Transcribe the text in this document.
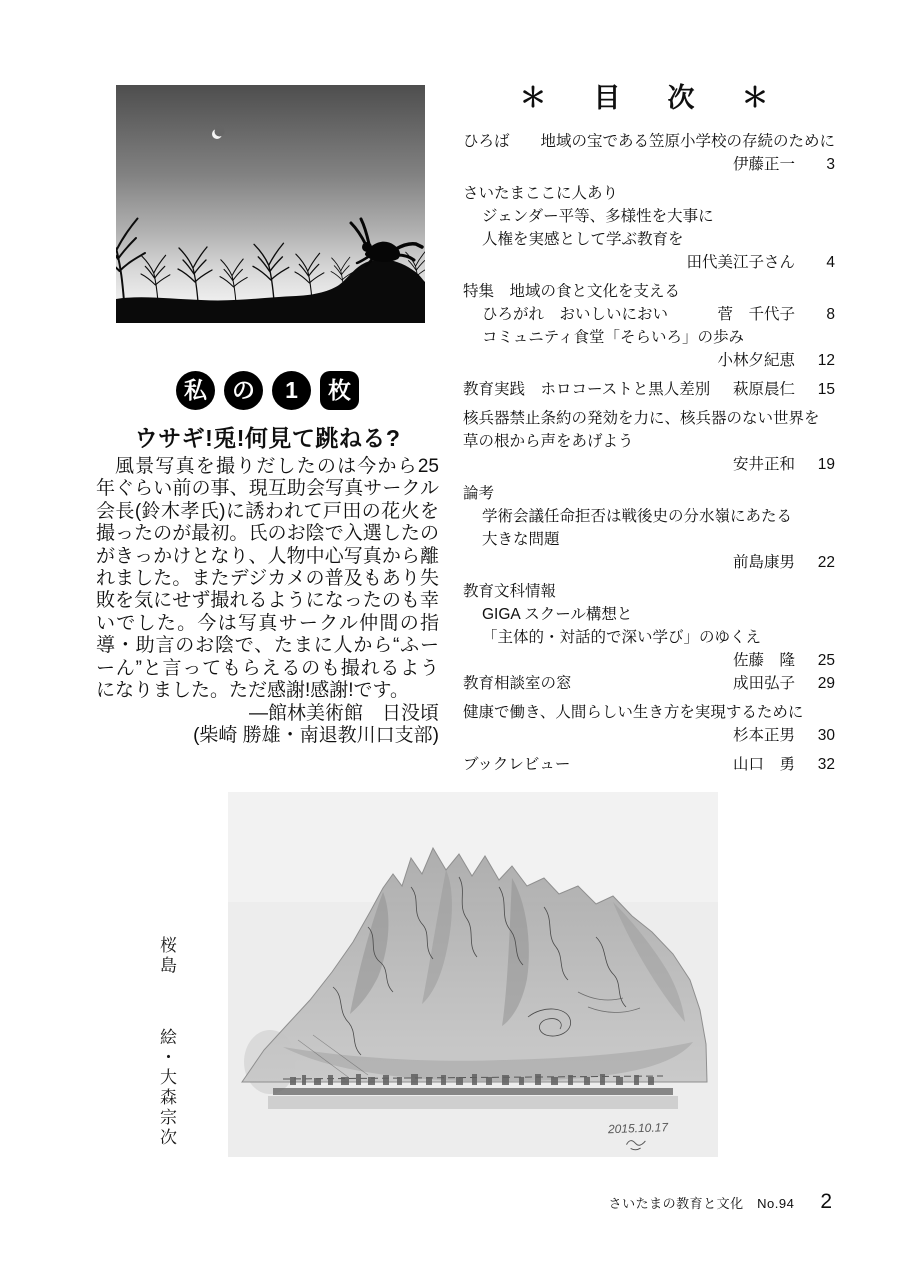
私	の	1	枚
ウサギ!兎!何見て跳ねる?
風景写真を撮りだしたのは今から25年ぐらい前の事、現互助会写真サークル会長(鈴木孝氏)に誘われて戸田の花火を撮ったのが最初。氏のお陰で入選したのがきっかけとなり、人物中心写真から離れました。またデジカメの普及もあり失敗を気にせず撮れるようになったのも幸いでした。今は写真サークル仲間の指導・助言のお陰で、たまに人から“ふーーん”と言ってもらえるのも撮れるようになりました。ただ感謝!感謝!です。
―館林美術館　日没頃
(柴崎 勝雄・南退教川口支部)
＊　目　次　＊
ひろば　　地域の宝である笠原小学校の存続のために
伊藤正一	3
さいたまここに人あり
ジェンダー平等、多様性を大事に
人権を実感として学ぶ教育を
田代美江子さん	4
特集　地域の食と文化を支える
ひろがれ　おいしいにおい	菅　千代子	8
コミュニティ食堂「そらいろ」の歩み
小林夕紀恵	12
教育実践　ホロコーストと黒人差別 萩原晨仁	15
核兵器禁止条約の発効を力に、核兵器のない世界を
草の根から声をあげよう
安井正和	19
論考
学術会議任命拒否は戦後史の分水嶺にあたる
大きな問題
前島康男	22
教育文科情報
GIGA スクール構想と
「主体的・対話的で深い学び」のゆくえ
佐藤　隆	25
教育相談室の窓	成田弘子	29
健康で働き、人間らしい生き方を実現するために
杉本正男	30
ブックレビュー	山口　勇	32
2015.10.17
桜島絵・大森宗次
さいたまの教育と文化　No.94 2
